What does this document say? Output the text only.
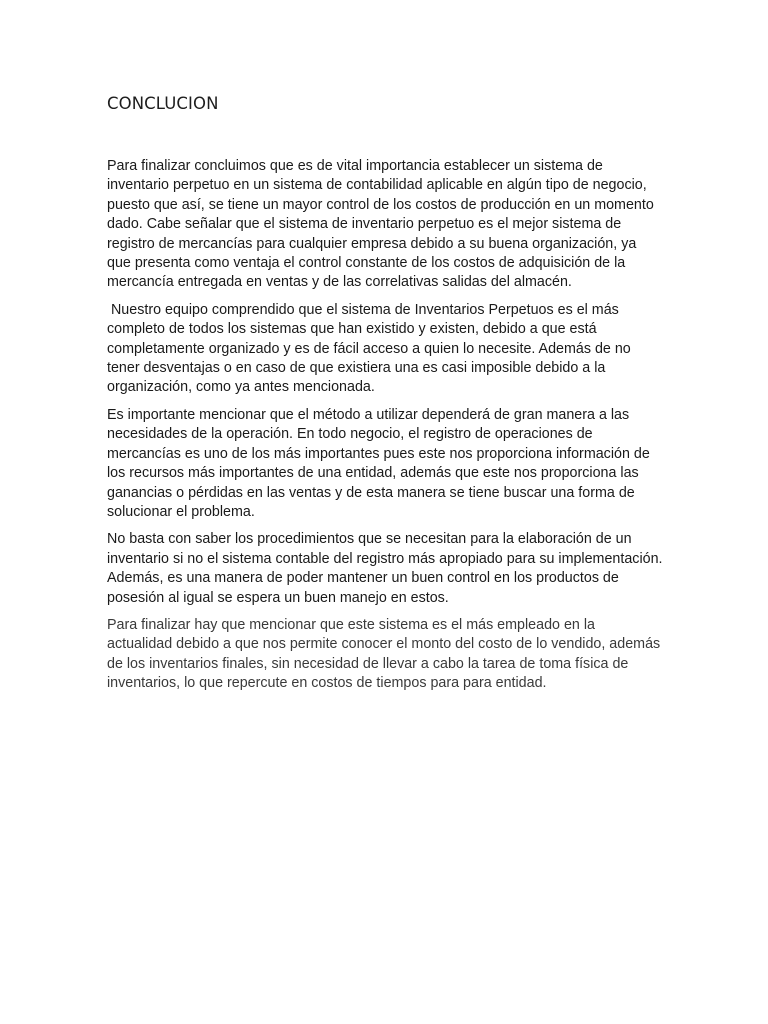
CONCLUCION

Para finalizar concluimos que es de vital importancia establecer un sistema de inventario perpetuo en un sistema de contabilidad aplicable en algún tipo de negocio, puesto que así, se tiene un mayor control de los costos de producción en un momento dado. Cabe señalar que el sistema de inventario perpetuo es el mejor sistema de registro de mercancías para cualquier empresa debido a su buena organización, ya que presenta como ventaja el control constante de los costos de adquisición de la mercancía entregada en ventas y de las correlativas salidas del almacén.

Nuestro equipo comprendido que el sistema de Inventarios Perpetuos es el más completo de todos los sistemas que han existido y existen, debido a que está completamente organizado y es de fácil acceso a quien lo necesite. Además de no tener desventajas o en caso de que existiera una es casi imposible debido a la organización, como ya antes mencionada.

Es importante mencionar que el método a utilizar dependerá de gran manera a las necesidades de la operación. En todo negocio, el registro de operaciones de mercancías es uno de los más importantes pues este nos proporciona información de los recursos más importantes de una entidad, además que este nos proporciona las ganancias o pérdidas en las ventas y de esta manera se tiene buscar una forma de solucionar el problema.

No basta con saber los procedimientos que se necesitan para la elaboración de un inventario si no el sistema contable del registro más apropiado para su implementación. Además, es una manera de poder mantener un buen control en los productos de posesión al igual se espera un buen manejo en estos.

Para finalizar hay que mencionar que este sistema es el más empleado en la actualidad debido a que nos permite conocer el monto del costo de lo vendido, además de los inventarios finales, sin necesidad de llevar a cabo la tarea de toma física de inventarios, lo que repercute en costos de tiempos para para entidad.
